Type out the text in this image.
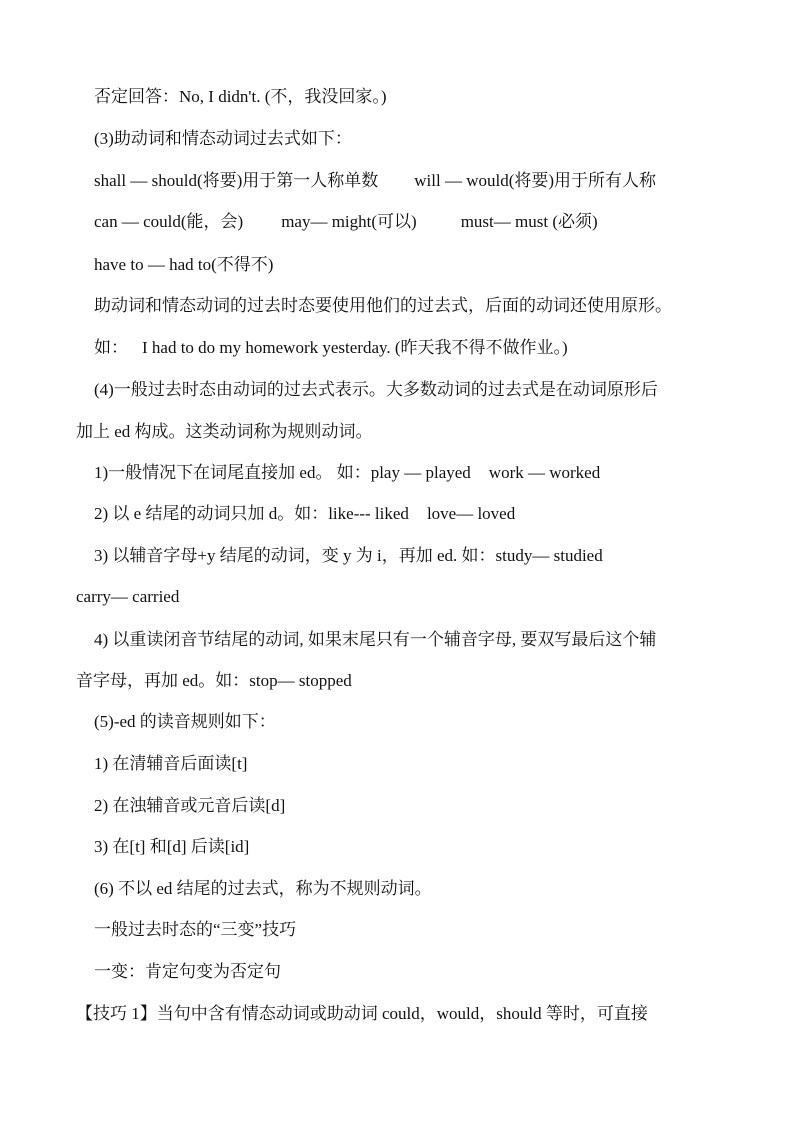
否定回答：No, I didn't. (不，我没回家。)
(3)助动词和情态动词过去式如下：
shall — should(将要)用于第一人称单数 will — would(将要)用于所有人称
can — could(能，会) may— might(可以)	must— must (必须)
have to — had to(不得不)
助动词和情态动词的过去时态要使用他们的过去式，后面的动词还使用原形。
如： I had to do my homework yesterday. (昨天我不得不做作业。)
(4)一般过去时态由动词的过去式表示。大多数动词的过去式是在动词原形后
加上 ed 构成。这类动词称为规则动词。
1)一般情况下在词尾直接加 ed。 如：play — played work — worked
2) 以 e 结尾的动词只加 d。如：like--- liked love— loved
3) 以辅音字母+y 结尾的动词，变 y 为 i，再加 ed. 如：study— studied
carry— carried
4) 以重读闭音节结尾的动词, 如果末尾只有一个辅音字母, 要双写最后这个辅
音字母，再加 ed。如：stop— stopped
(5)-ed 的读音规则如下：
1) 在清辅音后面读[t]
2) 在浊辅音或元音后读[d]
3) 在[t] 和[d] 后读[id]
(6) 不以 ed 结尾的过去式，称为不规则动词。
一般过去时态的“三变”技巧
一变：肯定句变为否定句
【技巧 1】当句中含有情态动词或助动词 could，would，should 等时，可直接
